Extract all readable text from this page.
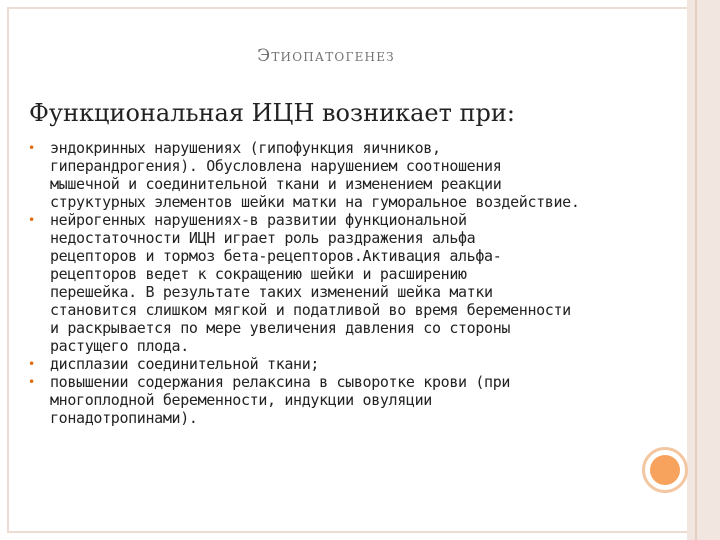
Этиопатогенез
Функциональная ИЦН возникает при:
• эндокринных нарушениях (гипофункция яичников,
гиперандрогения). Обусловлена нарушением соотношения
мышечной и соединительной ткани и изменением реакции
структурных элементов шейки матки на гуморальное воздействие.
• нейрогенных нарушениях-в развитии функциональной
недостаточности ИЦН играет роль раздражения альфа
рецепторов и тормоз бета-рецепторов.Активация альфа-
рецепторов ведет к сокращению шейки и расширению
перешейка. В результате таких изменений шейка матки
становится слишком мягкой и податливой во время беременности
и раскрывается по мере увеличения давления со стороны
растущего плода.
• дисплазии соединительной ткани;
• повышении содержания релаксина в сыворотке крови (при
многоплодной беременности, индукции овуляции
гонадотропинами).
